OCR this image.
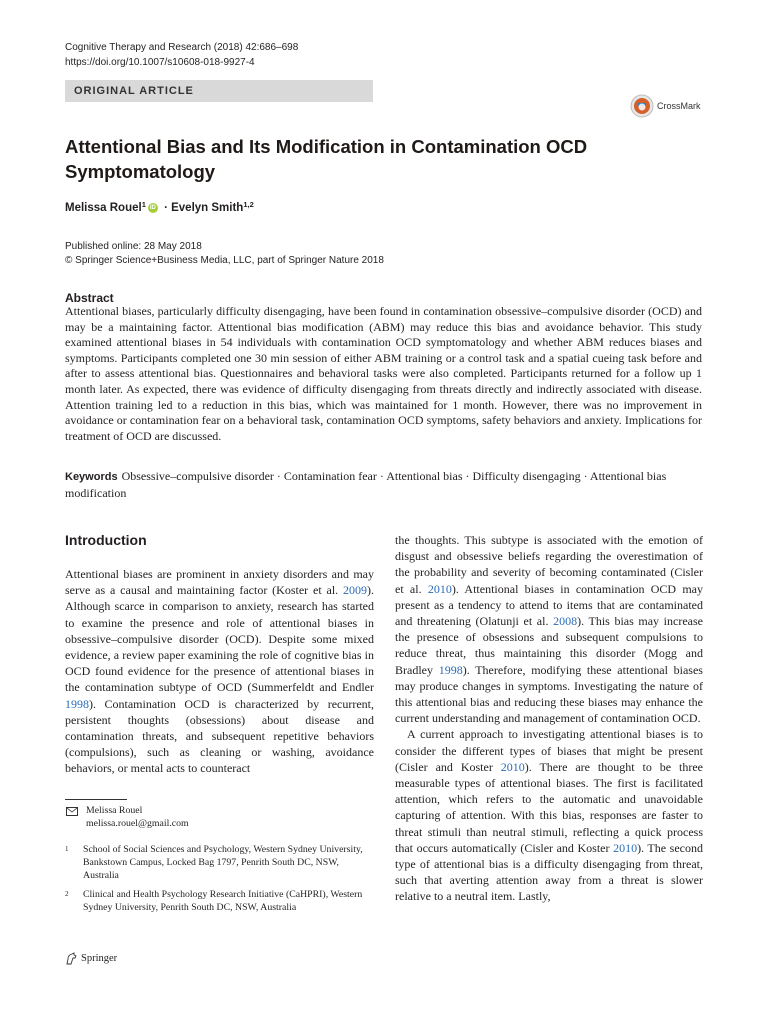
Cognitive Therapy and Research (2018) 42:686–698
https://doi.org/10.1007/s10608-018-9927-4
ORIGINAL ARTICLE
CrossMark
Attentional Bias and Its Modification in Contamination OCD Symptomatology
Melissa Rouel$^1$ iD · Evelyn Smith$^{1,2}$
Published online: 28 May 2018
© Springer Science+Business Media, LLC, part of Springer Nature 2018
Abstract

Attentional biases, particularly difficulty disengaging, have been found in contamination obsessive–compulsive disorder (OCD) and may be a maintaining factor. Attentional bias modification (ABM) may reduce this bias and avoidance behavior. This study examined attentional biases in 54 individuals with contamination OCD symptomatology and whether ABM reduces biases and symptoms. Participants completed one 30 min session of either ABM training or a control task and a spatial cueing task before and after to assess attentional bias. Questionnaires and behavioral tasks were also completed. Participants returned for a follow up 1 month later. As expected, there was evidence of difficulty disengaging from threats directly and indirectly associated with disease. Attention training led to a reduction in this bias, which was maintained for 1 month. However, there was no improvement in avoidance or contamination fear on a behavioral task, contamination OCD symptoms, safety behaviors and anxiety. Implications for treatment of OCD are discussed.

Keywords Obsessive–compulsive disorder · Contamination fear · Attentional bias · Difficulty disengaging · Attentional bias modification

Introduction

Attentional biases are prominent in anxiety disorders and may serve as a causal and maintaining factor (Koster et al. 2009). Although scarce in comparison to anxiety, research has started to examine the presence and role of attentional biases in obsessive–compulsive disorder (OCD). Despite some mixed evidence, a review paper examining the role of cognitive bias in OCD found evidence for the presence of attentional biases in the contamination subtype of OCD (Summerfeldt and Endler 1998). Contamination OCD is characterized by recurrent, persistent thoughts (obsessions) about disease and contamination threats, and subsequent repetitive behaviors (compulsions), such as cleaning or washing, avoidance behaviors, or mental acts to counteract

the thoughts. This subtype is associated with the emotion of disgust and obsessive beliefs regarding the overestimation of the probability and severity of becoming contaminated (Cisler et al. 2010). Attentional biases in contamination OCD may present as a tendency to attend to items that are contaminated and threatening (Olatunji et al. 2008). This bias may increase the presence of obsessions and subsequent compulsions to reduce threat, thus maintaining this disorder (Mogg and Bradley 1998). Therefore, modifying these attentional biases may produce changes in symptoms. Investigating the nature of this attentional bias and reducing these biases may enhance the current understanding and management of contamination OCD.

A current approach to investigating attentional biases is to consider the different types of biases that might be present (Cisler and Koster 2010). There are thought to be three measurable types of attentional biases. The first is facilitated attention, which refers to the automatic and unavoidable capturing of attention. With this bias, responses are faster to threat stimuli than neutral stimuli, reflecting a quick process that occurs automatically (Cisler and Koster 2010). The second type of attentional bias is a difficulty disengaging from threat, such that averting attention away from a threat is slower relative to a neutral item. Lastly,

Melissa Rouel
melissa.rouel@gmail.com
1	School of Social Sciences and Psychology, Western Sydney University, Bankstown Campus, Locked Bag 1797, Penrith South DC, NSW, Australia
2	Clinical and Health Psychology Research Initiative (CaHPRI), Western Sydney University, Penrith South DC, NSW, Australia
Springer
